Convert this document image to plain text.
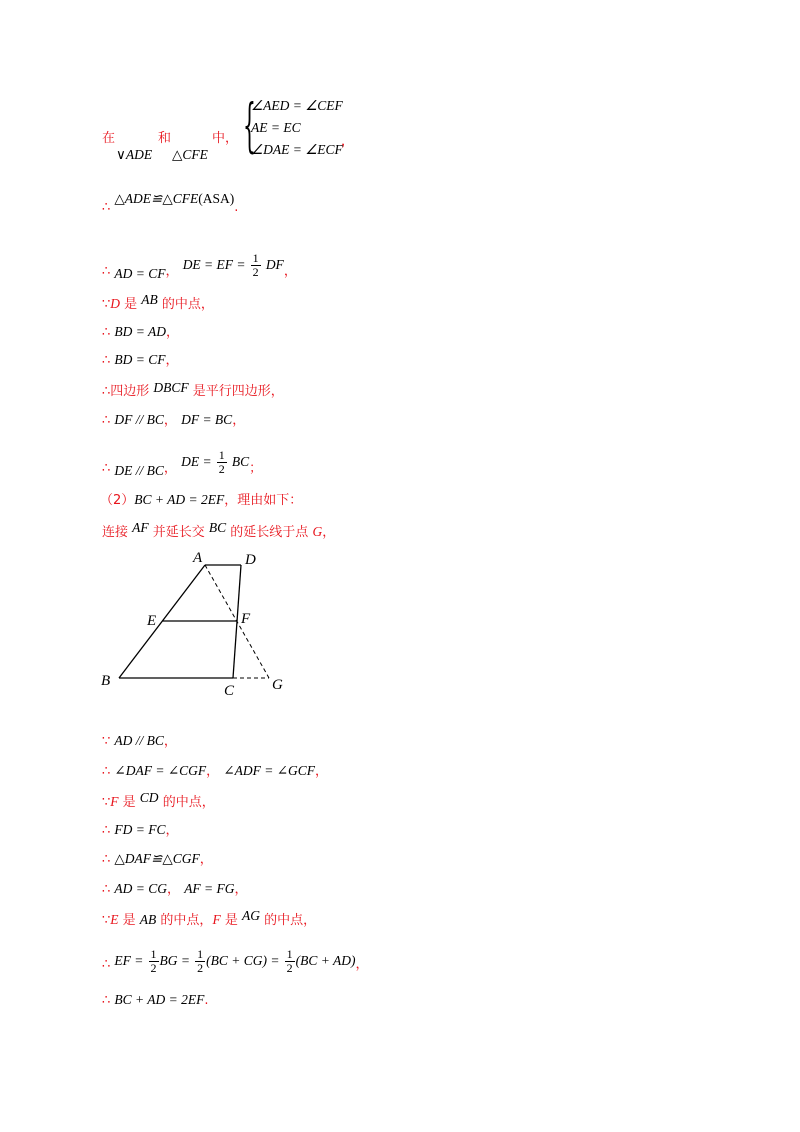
在
∨ADE
和
△CFE
中， {
∠AED = ∠CEF
AE = EC
∠DAE = ∠ECF
，
∴ △ADE≌△CFE(ASA).
∴ AD = CF， DE = EF = $\frac{1}{2}$ DF，
∵D 是 AB 的中点，
∴ BD = AD，
∴ BD = CF，
∴四边形 DBCF 是平行四边形，
∴ DF // BC， DF = BC，
∴ DE // BC， DE = $\frac{1}{2}$ BC；
（2）BC + AD = 2EF，理由如下：
连接 AF 并延长交 BC 的延长线于点 G，
A	D
E	F
B
C	G
∵ AD // BC，
∴ ∠DAF = ∠CGF， ∠ADF = ∠GCF，
∵F 是 CD 的中点，
∴ FD = FC，
∴ △DAF≌△CGF，
∴ AD = CG， AF = FG，
∵E 是 AB 的中点，F 是 AG 的中点，
∴ EF = $\frac{1}{2}$ BG = $\frac{1}{2} (BC + CG) = \frac{1}{2} (BC + AD)$，
∴ BC + AD = 2EF.
